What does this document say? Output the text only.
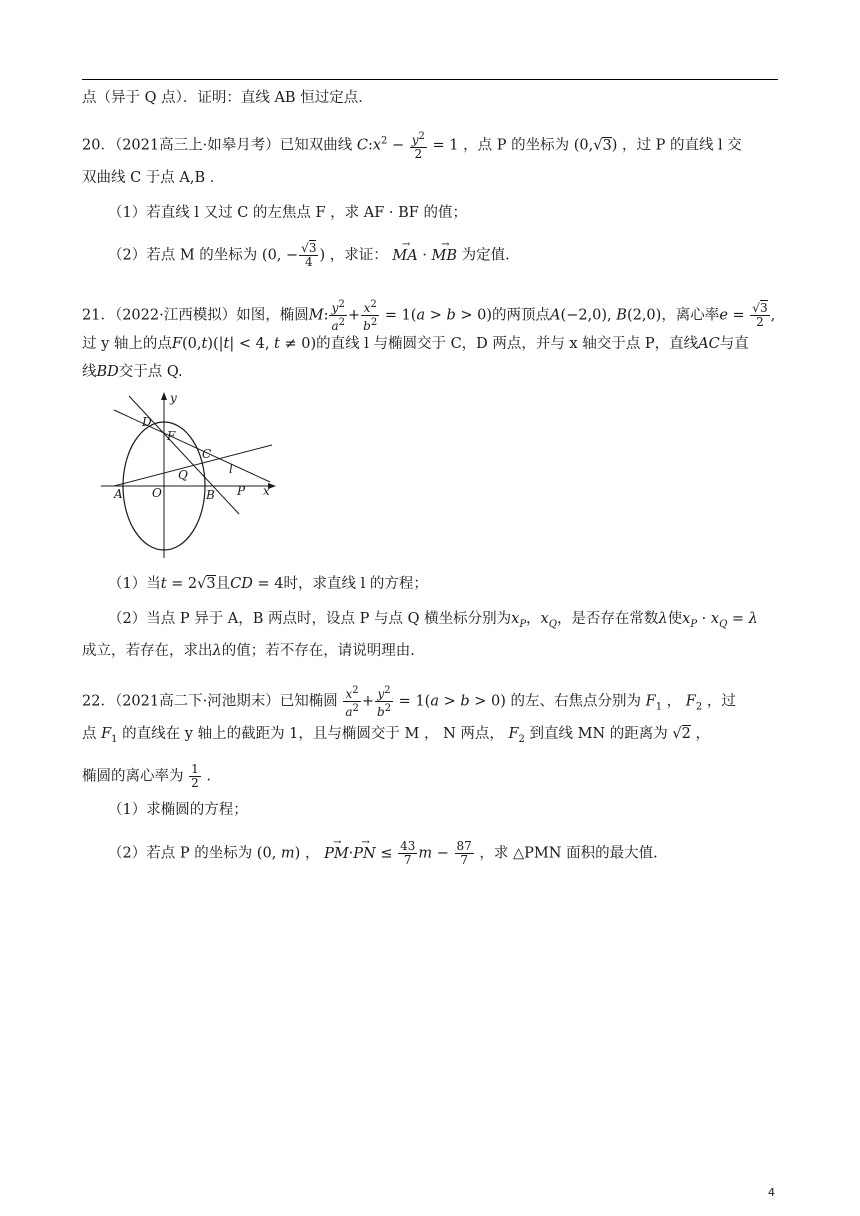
点（异于 Q 点）．证明：直线 AB 恒过定点．
20．（2021高三上·如皋月考）已知双曲线 $C:x^2 - \frac{y^2}{2} = 1$ ，点 P 的坐标为 (0,√3) ，过 P 的直线 l 交
双曲线 C 于点 A,B ．
（1）若直线 l 又过 C 的左焦点 F ，求 AF · BF 的值；
（2）若点 M 的坐标为 (0, − $\frac{√3}{4}$ ) ，求证： → MA · → MB 为定值.
21．（2022·江西模拟）如图，椭圆M: $\frac{y^2}{a^2} + \frac{x^2}{b^2} = 1(a > b > 0)$的两顶点A(−2,0), B(2,0)，离心率$e = \frac{√3}{2}$ ,
过 y 轴上的点F(0,t)(|t| < 4, t ≠ 0)的直线 l 与椭圆交于 C，D 两点，并与 x 轴交于点 P，直线AC与直
线BD交于点 Q.
y
x
D
F
C
Q	l
A O	B P
（1）当t = 2√3且CD = 4时，求直线 l 的方程；
（2）当点 P 异于 A，B 两点时，设点 P 与点 Q 横坐标分别为$x_P$，$x_Q$，是否存在常数λ使$x_P \cdot x_Q = \lambda$
成立，若存在，求出λ的值；若不存在，请说明理由.
22．（2021高二下·河池期末）已知椭圆 $\frac{x^2}{a^2} + \frac{y^2}{b^2} = 1(a > b > 0)$ 的左、右焦点分别为 $F_1$ ， $F_2$ ，过
点 $F_1$ 的直线在 y 轴上的截距为 1，且与椭圆交于 M ， N 两点， $F_2$ 到直线 MN 的距离为 √2 ，
椭圆的离心率为 $\frac{1}{2}$ .
（1）求椭圆的方程；
（2）若点 P 的坐标为 (0, m) ， → PM·→ PN ≤ $\frac{43}{7}$ $m - \frac{87}{7}$ ，求 △PMN 面积的最大值.
4
